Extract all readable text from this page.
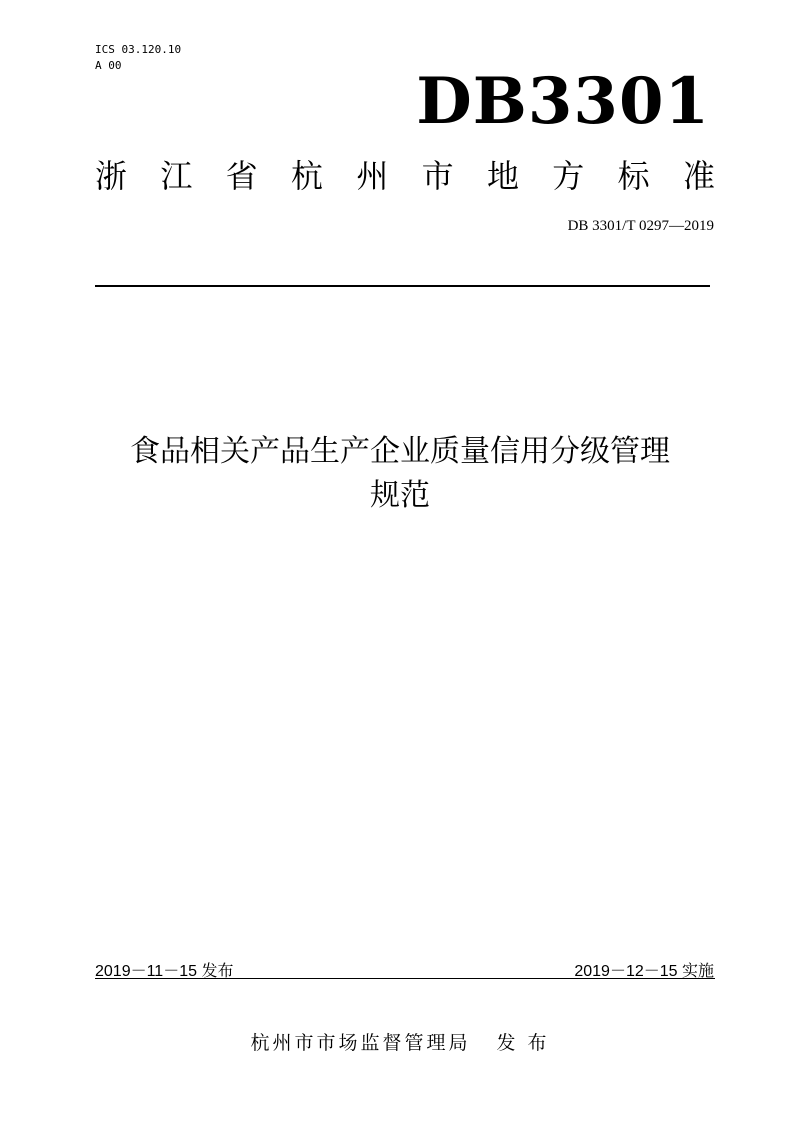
ICS 03.120.10
A 00	DB3301
浙 江 省 杭 州 市 地 方 标 准
DB 3301/T 0297—2019
食品相关产品生产企业质量信用分级管理
规范
2019－11－15 发布	2019－12－15 实施
杭州市市场监督管理局 发 布
